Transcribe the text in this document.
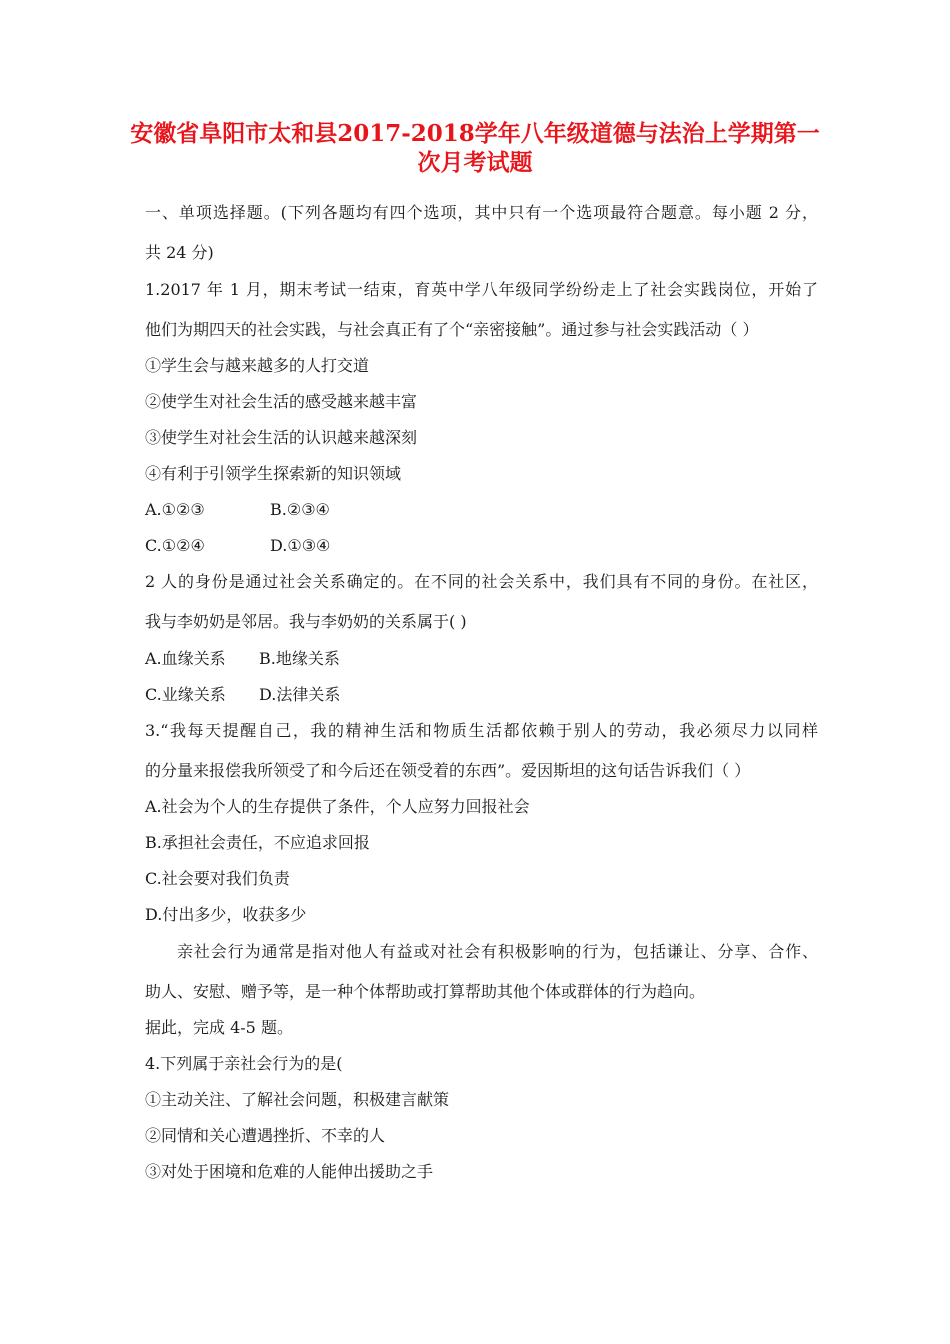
安徽省阜阳市太和县2017-2018学年八年级道德与法治上学期第一
次月考试题
一、单项选择题。(下列各题均有四个选项，其中只有一个选项最符合题意。每小题 2 分，
共 24 分)
1.2017 年 1 月，期末考试一结束，育英中学八年级同学纷纷走上了社会实践岗位，开始了
他们为期四天的社会实践，与社会真正有了个“亲密接触”。通过参与社会实践活动（ ）
①学生会与越来越多的人打交道
②使学生对社会生活的感受越来越丰富
③使学生对社会生活的认识越来越深刻
④有利于引领学生探索新的知识领域
A.①②③	B.②③④
C.①②④	D.①③④
2 人的身份是通过社会关系确定的。在不同的社会关系中，我们具有不同的身份。在社区，
我与李奶奶是邻居。我与李奶奶的关系属于( )
A.血缘关系 B.地缘关系
C.业缘关系 D.法律关系
3.“我每天提醒自己，我的精神生活和物质生活都依赖于别人的劳动，我必须尽力以同样
的分量来报偿我所领受了和今后还在领受着的东西”。爱因斯坦的这句话告诉我们（ ）
A.社会为个人的生存提供了条件，个人应努力回报社会
B.承担社会责任，不应追求回报
C.社会要对我们负责
D.付出多少，收获多少
亲社会行为通常是指对他人有益或对社会有积极影响的行为，包括谦让、分享、合作、
助人、安慰、赠予等，是一种个体帮助或打算帮助其他个体或群体的行为趋向。
据此，完成 4-5 题。
4.下列属于亲社会行为的是(
①主动关注、了解社会问题，积极建言献策
②同情和关心遭遇挫折、不幸的人
③对处于困境和危难的人能伸出援助之手
